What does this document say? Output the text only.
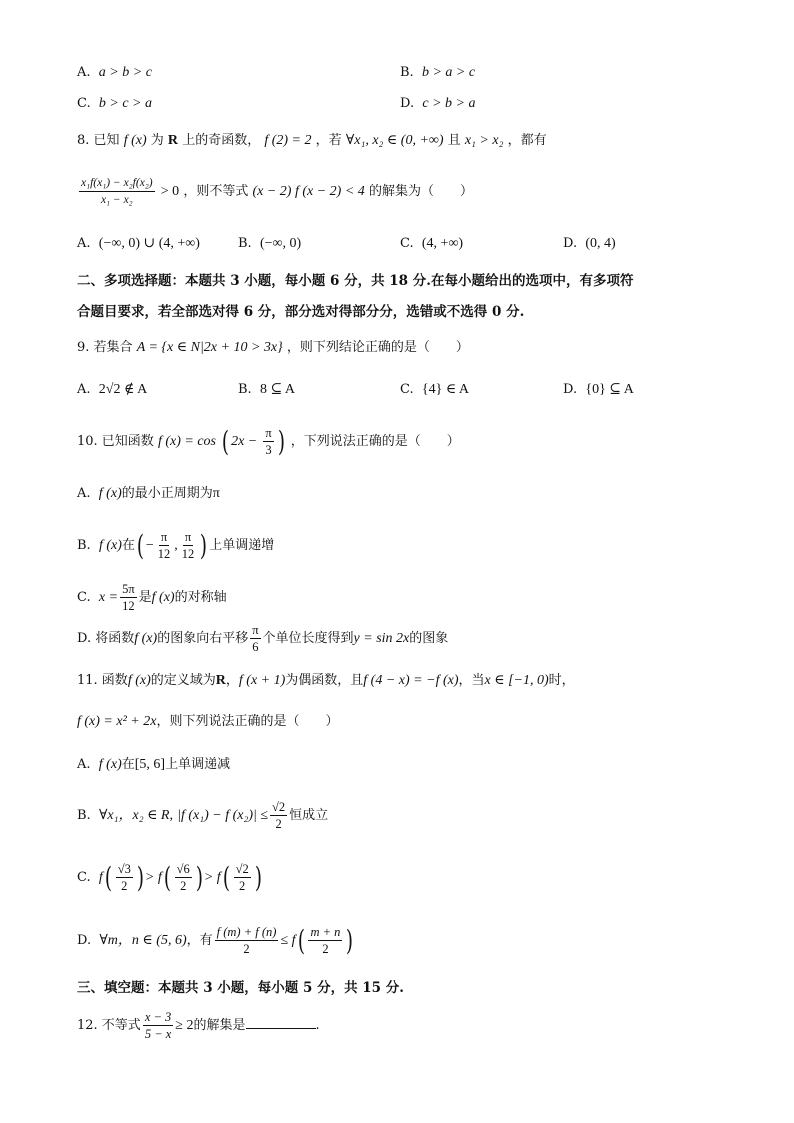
A. a > b > c	B. b > a > c
C. b > c > a	D. c > b > a
8. 已知 f (x) 为 R 上的奇函数， f (2) = 2 ，若 ∀x₁, x₂ ∈ (0, +∞) 且 x₁ > x₂ ，都有
$\frac{\text{x₁f(x₁) − x₂f(x₂)}}{\text{x₁ − x₂}} > 0$ ，则不等式 (x − 2) f (x − 2) < 4 的解集为（　　）
A. (−∞, 0) ∪ (4, +∞)	B. (−∞, 0)	C. (4, +∞)	D. (0, 4)
二、多项选择题：本题共 3 小题，每小题 6 分，共 18 分.在每小题给出的选项中，有多项符
合题目要求，若全部选对得 6 分，部分选对得部分分，选错或不选得 0 分.
9. 若集合 A = {x ∈ N|2x + 10 > 3x} ，则下列结论正确的是（　　）
A. 2√2 ∉ A	B. 8 ⊆ A	C. {4} ∈ A	D. {0} ⊆ A
10. 已知函数 f (x) = cos ( $2x - \frac{\pi}{3}$ ) ，下列说法正确的是（　　）
A. f (x)的最小正周期为π
B. f (x)在( − $\frac{\pi}{12}$ , $\frac{\pi}{12}$ ) 上单调递增
C. $x = \frac{5\pi}{12}$ 是f (x)的对称轴
D. 将函数f (x)的图象向右平移 $\frac{\pi}{6}$ 个单位长度得到y = sin 2x的图象
11. 函数f (x)的定义域为R，f (x + 1)为偶函数，且f (4 − x) = −f (x)，当x ∈ [−1, 0)时，
f (x) = x² + 2x，则下列说法正确的是（　　）
A. f (x)在[5, 6]上单调递减
B. ∀x₁，x₂ ∈ R, |f (x₁) − f $(x_2)| \le \frac{√2}{2}$ 恒成立
C. $f( \frac{√3}{2}$ ) > $f( \frac{√6}{2}$ ) > $f( \frac{√2}{2}$ )
D. ∀m，n ∈ (5, 6)，有 $\frac{f (m) + f (n)}{2} \le f( \frac{m + n}{2}$ )
三、填空题：本题共 3 小题，每小题 5 分，共 15 分.
12. 不等式 $\frac{x - 3}{5 - x} \ge 2$的解集是	.
